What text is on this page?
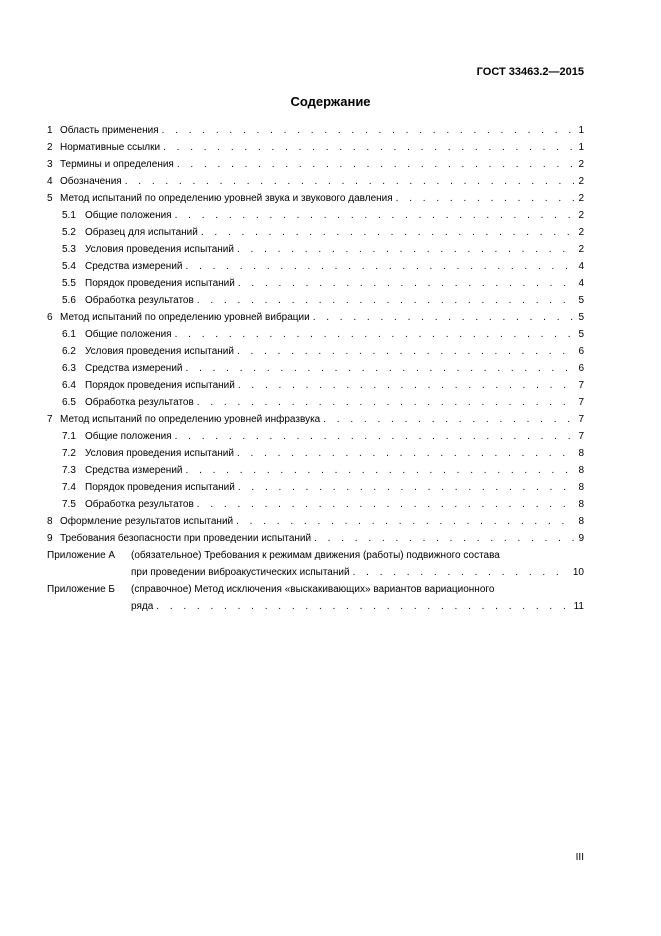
ГОСТ 33463.2—2015
Содержание
1 Область применения . . .	1
2 Нормативные ссылки . . .	1
3 Термины и определения . . .	2
4 Обозначения . . .	2
5 Метод испытаний по определению уровней звука и звукового давления . . .	2
5.1 Общие положения . . .	2
5.2 Образец для испытаний . . .	2
5.3 Условия проведения испытаний . . .	2
5.4 Средства измерений . . .	4
5.5 Порядок проведения испытаний . . .	4
5.6 Обработка результатов . . .	5
6 Метод испытаний по определению уровней вибрации . . .	5
6.1 Общие положения . . .	5
6.2 Условия проведения испытаний . . .	6
6.3 Средства измерений . . .	6
6.4 Порядок проведения испытаний . . .	7
6.5 Обработка результатов . . .	7
7 Метод испытаний по определению уровней инфразвука . . .	7
7.1 Общие положения . . .	7
7.2 Условия проведения испытаний . . .	8
7.3 Средства измерений . . .	8
7.4 Порядок проведения испытаний . . .	8
7.5 Обработка результатов . . .	8
8 Оформление результатов испытаний . . .	8
9 Требования безопасности при проведении испытаний . . .	9
Приложение А (обязательное) Требования к режимам движения (работы) подвижного состава
при проведении виброакустических испытаний . . .	10
Приложение Б (справочное) Метод исключения «выскакивающих» вариантов вариационного
ряда . . .	11
III
